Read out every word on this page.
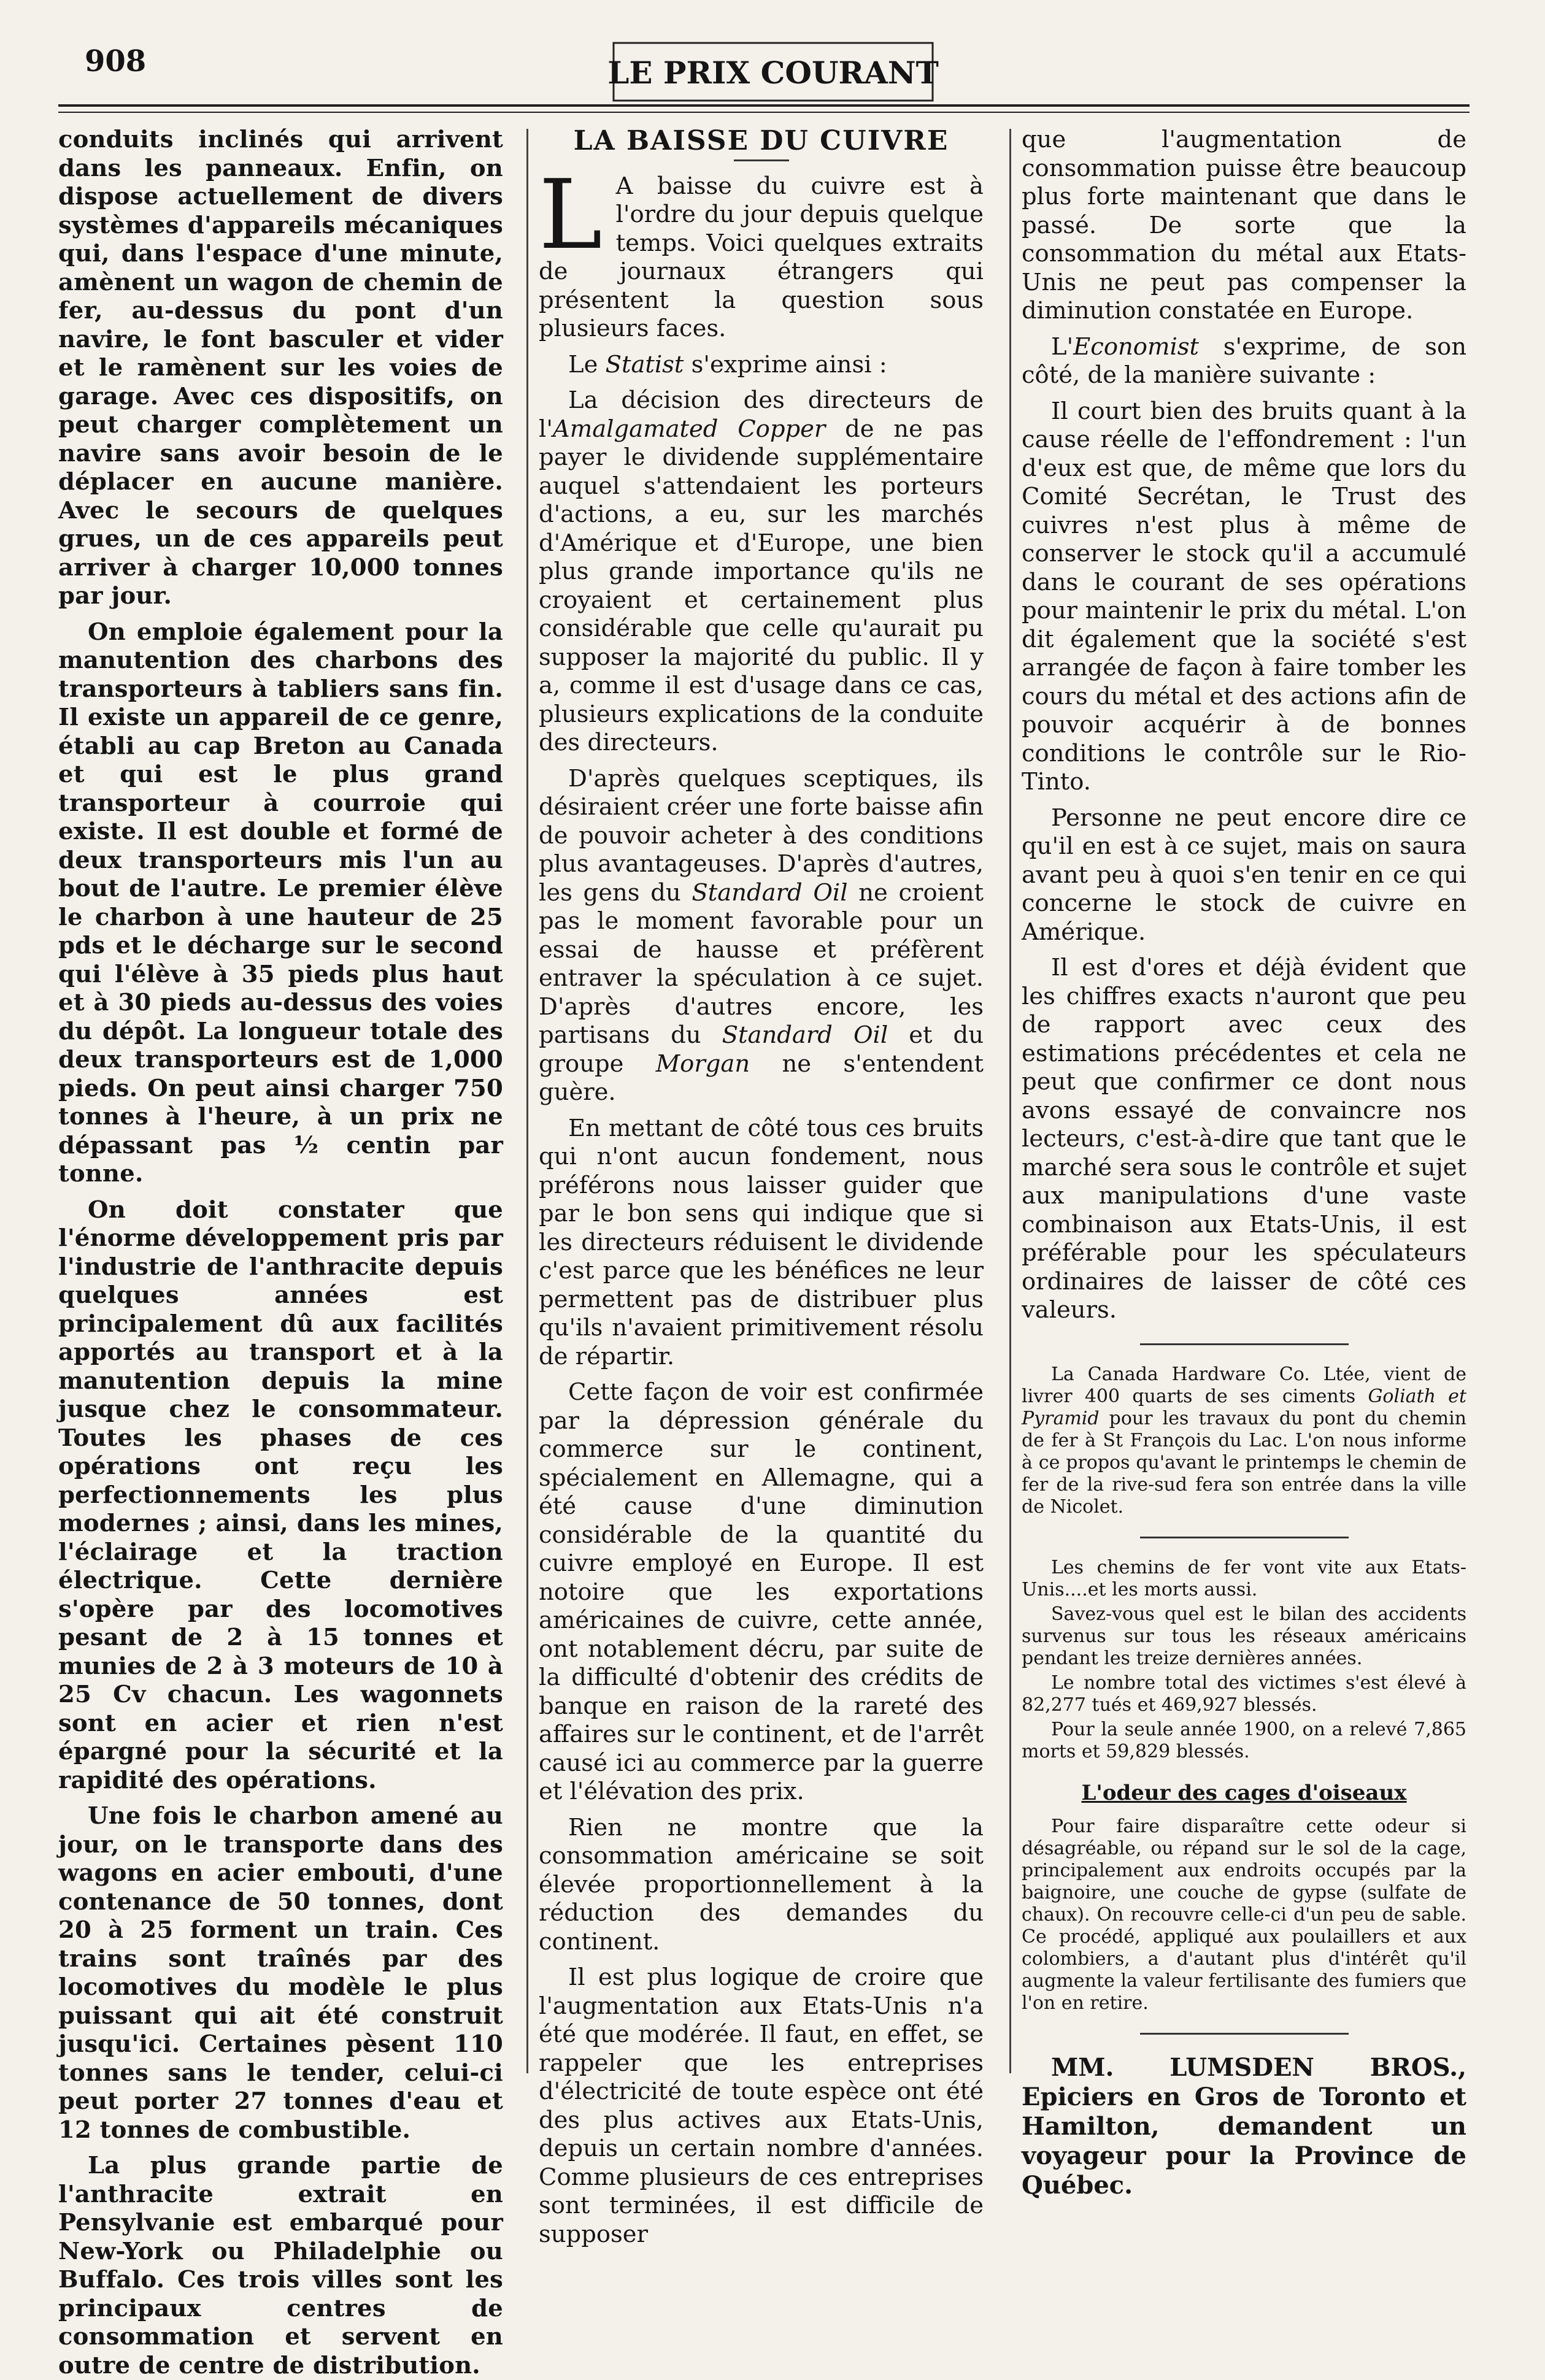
908	LE PRIX COURANT

conduits inclinés qui arrivent dans les panneaux. Enfin, on dispose actuellement de divers systèmes d'appareils mécaniques qui, dans l'espace d'une minute, amènent un wagon de chemin de fer, au-dessus du pont d'un navire, le font basculer et vider et le ramènent sur les voies de garage. Avec ces dispositifs, on peut charger complètement un navire sans avoir besoin de le déplacer en aucune manière. Avec le secours de quelques grues, un de ces appareils peut arriver à charger 10,000 tonnes par jour.

On emploie également pour la manutention des charbons des transporteurs à tabliers sans fin. Il existe un appareil de ce genre, établi au cap Breton au Canada et qui est le plus grand transporteur à courroie qui existe. Il est double et formé de deux transporteurs mis l'un au bout de l'autre. Le premier élève le charbon à une hauteur de 25 pds et le décharge sur le second qui l'élève à 35 pieds plus haut et à 30 pieds au-dessus des voies du dépôt. La longueur totale des deux transporteurs est de 1,000 pieds. On peut ainsi charger 750 tonnes à l'heure, à un prix ne dépassant pas ½ centin par tonne.

On doit constater que l'énorme développement pris par l'industrie de l'anthracite depuis quelques années est principalement dû aux facilités apportés au transport et à la manutention depuis la mine jusque chez le consommateur. Toutes les phases de ces opérations ont reçu les perfectionnements les plus modernes ; ainsi, dans les mines, l'éclairage et la traction électrique. Cette dernière s'opère par des locomotives pesant de 2 à 15 tonnes et munies de 2 à 3 moteurs de 10 à 25 Cv chacun. Les wagonnets sont en acier et rien n'est épargné pour la sécurité et la rapidité des opérations.

Une fois le charbon amené au jour, on le transporte dans des wagons en acier embouti, d'une contenance de 50 tonnes, dont 20 à 25 forment un train. Ces trains sont traînés par des locomotives du modèle le plus puissant qui ait été construit jusqu'ici. Certaines pèsent 110 tonnes sans le tender, celui-ci peut porter 27 tonnes d'eau et 12 tonnes de combustible.

La plus grande partie de l'anthracite extrait en Pensylvanie est embarqué pour New-York ou Philadelphie ou Buffalo. Ces trois villes sont les principaux centres de consommation et servent en outre de centre de distribution.

LA BAISSE DU CUIVRE

L A baisse du cuivre est à l'ordre du jour depuis quelque temps. Voici quelques extraits de journaux étrangers qui présentent la question sous plusieurs faces.

Le Statist s'exprime ainsi :

La décision des directeurs de l'Amalgamated Copper de ne pas payer le dividende supplémentaire auquel s'attendaient les porteurs d'actions, a eu, sur les marchés d'Amérique et d'Europe, une bien plus grande importance qu'ils ne croyaient et certainement plus considérable que celle qu'aurait pu supposer la majorité du public. Il y a, comme il est d'usage dans ce cas, plusieurs explications de la conduite des directeurs.

D'après quelques sceptiques, ils désiraient créer une forte baisse afin de pouvoir acheter à des conditions plus avantageuses. D'après d'autres, les gens du Standard Oil ne croient pas le moment favorable pour un essai de hausse et préfèrent entraver la spéculation à ce sujet. D'après d'autres encore, les partisans du Standard Oil et du groupe Morgan ne s'entendent guère.

En mettant de côté tous ces bruits qui n'ont aucun fondement, nous préférons nous laisser guider que par le bon sens qui indique que si les directeurs réduisent le dividende c'est parce que les bénéfices ne leur permettent pas de distribuer plus qu'ils n'avaient primitivement résolu de répartir.

Cette façon de voir est confirmée par la dépression générale du commerce sur le continent, spécialement en Allemagne, qui a été cause d'une diminution considérable de la quantité du cuivre employé en Europe. Il est notoire que les exportations américaines de cuivre, cette année, ont notablement décru, par suite de la difficulté d'obtenir des crédits de banque en raison de la rareté des affaires sur le continent, et de l'arrêt causé ici au commerce par la guerre et l'élévation des prix.

Rien ne montre que la consommation américaine se soit élevée proportionnellement à la réduction des demandes du continent.

Il est plus logique de croire que l'augmentation aux Etats-Unis n'a été que modérée. Il faut, en effet, se rappeler que les entreprises d'électricité de toute espèce ont été des plus actives aux Etats-Unis, depuis un certain nombre d'années. Comme plusieurs de ces entreprises sont terminées, il est difficile de supposer

que l'augmentation de consommation puisse être beaucoup plus forte maintenant que dans le passé. De sorte que la consommation du métal aux Etats-Unis ne peut pas compenser la diminution constatée en Europe.

L'Economist s'exprime, de son côté, de la manière suivante :

Il court bien des bruits quant à la cause réelle de l'effondrement : l'un d'eux est que, de même que lors du Comité Secrétan, le Trust des cuivres n'est plus à même de conserver le stock qu'il a accumulé dans le courant de ses opérations pour maintenir le prix du métal. L'on dit également que la société s'est arrangée de façon à faire tomber les cours du métal et des actions afin de pouvoir acquérir à de bonnes conditions le contrôle sur le Rio-Tinto.

Personne ne peut encore dire ce qu'il en est à ce sujet, mais on saura avant peu à quoi s'en tenir en ce qui concerne le stock de cuivre en Amérique.

Il est d'ores et déjà évident que les chiffres exacts n'auront que peu de rapport avec ceux des estimations précédentes et cela ne peut que confirmer ce dont nous avons essayé de convaincre nos lecteurs, c'est-à-dire que tant que le marché sera sous le contrôle et sujet aux manipulations d'une vaste combinaison aux Etats-Unis, il est préférable pour les spéculateurs ordinaires de laisser de côté ces valeurs.

La Canada Hardware Co. Ltée, vient de livrer 400 quarts de ses ciments Goliath et Pyramid pour les travaux du pont du chemin de fer à St François du Lac. L'on nous informe à ce propos qu'avant le printemps le chemin de fer de la rive-sud fera son entrée dans la ville de Nicolet.

Les chemins de fer vont vite aux Etats-Unis....et les morts aussi.

Savez-vous quel est le bilan des accidents survenus sur tous les réseaux américains pendant les treize dernières années.

Le nombre total des victimes s'est élevé à 82,277 tués et 469,927 blessés.

Pour la seule année 1900, on a relevé 7,865 morts et 59,829 blessés.

L'odeur des cages d'oiseaux

Pour faire disparaître cette odeur si désagréable, ou répand sur le sol de la cage, principalement aux endroits occupés par la baignoire, une couche de gypse (sulfate de chaux). On recouvre celle-ci d'un peu de sable. Ce procédé, appliqué aux poulaillers et aux colombiers, a d'autant plus d'intérêt qu'il augmente la valeur fertilisante des fumiers que l'on en retire.

MM. LUMSDEN BROS., Epiciers en Gros de Toronto et Hamilton, demandent un voyageur pour la Province de Québec.
